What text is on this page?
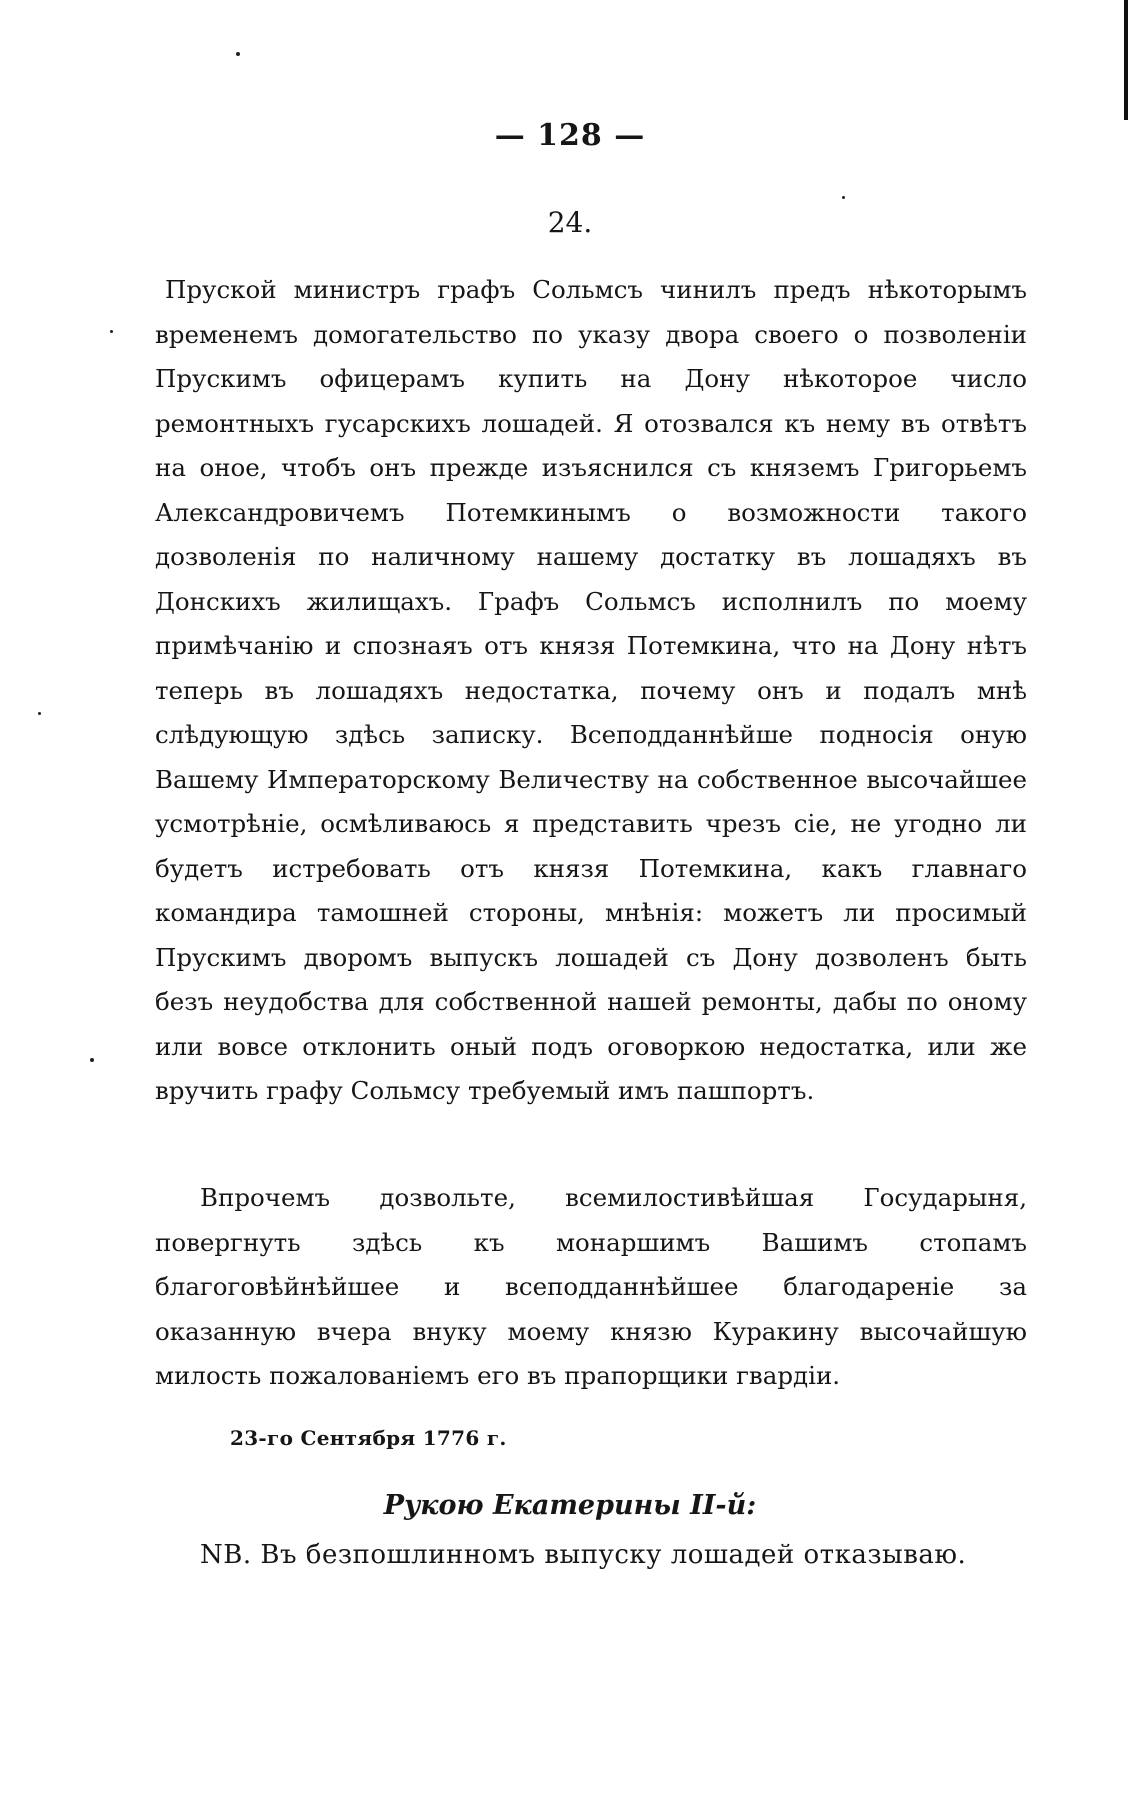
— 128 —
24.
Пруской министръ графъ Сольмсъ чинилъ предъ нѣкоторымъ временемъ домогательство по указу двора своего о позволеніи Прускимъ офицерамъ купить на Дону нѣкоторое число ремонтныхъ гусарскихъ лошадей. Я отозвался къ нему въ отвѣтъ на оное, чтобъ онъ прежде изъяснился съ княземъ Григорьемъ Александровичемъ Потемкинымъ о возможности такого дозволенія по наличному нашему достатку въ лошадяхъ въ Донскихъ жилищахъ. Графъ Сольмсъ исполнилъ по моему примѣчанію и спознаяъ отъ князя Потемкина, что на Дону нѣтъ теперь въ лошадяхъ недостатка, почему онъ и подалъ мнѣ слѣдующую здѣсь записку. Всеподданнѣйше подносія оную Вашему Императорскому Величеству на собственное высочайшее усмотрѣніе, осмѣливаюсь я представить чрезъ сіе, не угодно ли будетъ истребовать отъ князя Потемкина, какъ главнаго командира тамошней стороны, мнѣнія: можетъ ли просимый Прускимъ дворомъ выпускъ лошадей съ Дону дозволенъ быть безъ неудобства для собственной нашей ремонты, дабы по оному или вовсе отклонить оный подъ оговоркою недостатка, или же вручить графу Сольмсу требуемый имъ пашпортъ.
Впрочемъ дозвольте, всемилостивѣйшая Государыня, повергнуть здѣсь къ монаршимъ Вашимъ стопамъ благоговѣйнѣйшее и всеподданнѣйшее благодареніе за оказанную вчера внуку моему князю Куракину высочайшую милость пожалованіемъ его въ прапорщики гвардіи.
23-го Сентября 1776 г.
Рукою Екатерины II-й:
NB. Въ безпошлинномъ выпуску лошадей отказываю.
